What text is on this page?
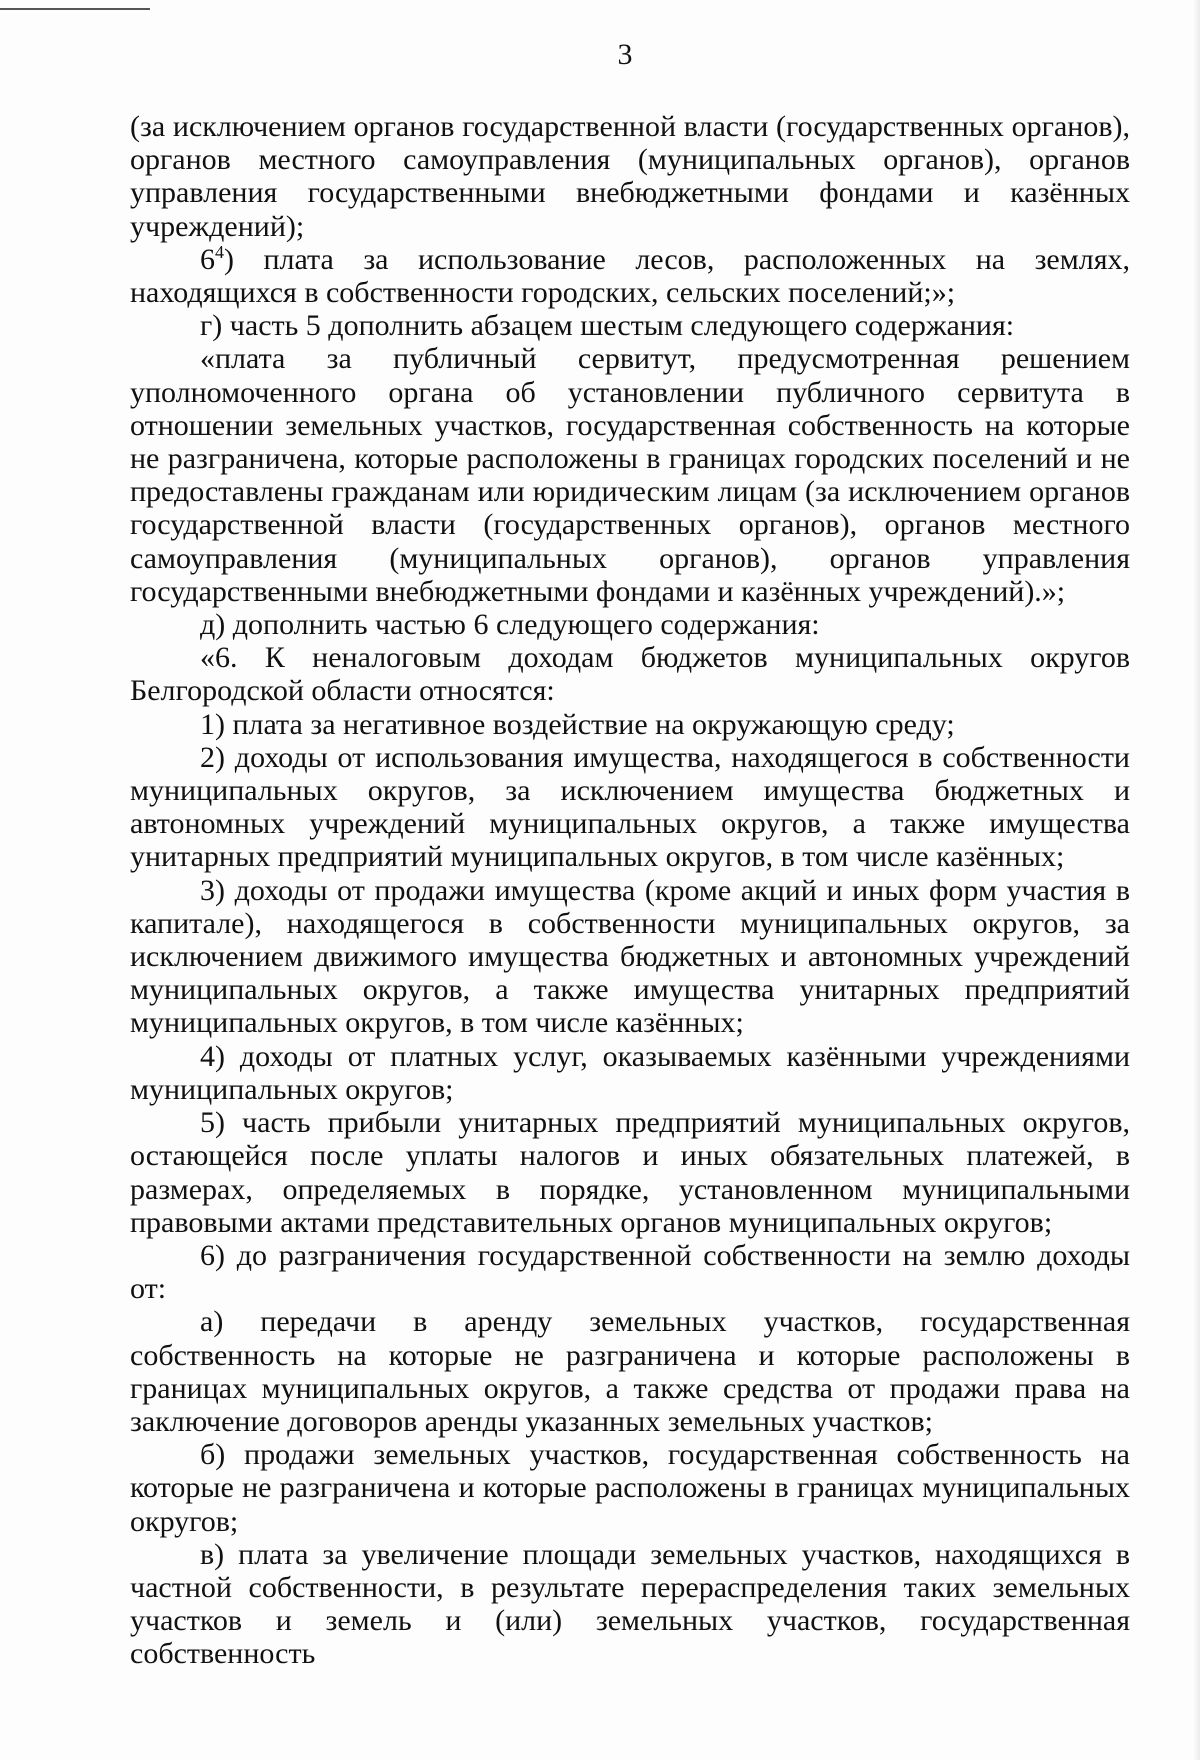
3

(за исключением органов государственной власти (государственных органов), органов местного самоуправления (муниципальных органов), органов управления государственными внебюджетными фондами и казённых учреждений);

$6^4$) плата за использование лесов, расположенных на землях, находящихся в собственности городских, сельских поселений;»;

г) часть 5 дополнить абзацем шестым следующего содержания:

«плата за публичный сервитут, предусмотренная решением уполномоченного органа об установлении публичного сервитута в отношении земельных участков, государственная собственность на которые не разграничена, которые расположены в границах городских поселений и не предоставлены гражданам или юридическим лицам (за исключением органов государственной власти (государственных органов), органов местного самоуправления (муниципальных органов), органов управления государственными внебюджетными фондами и казённых учреждений).»;

д) дополнить частью 6 следующего содержания:

«6. К неналоговым доходам бюджетов муниципальных округов Белгородской области относятся:

1) плата за негативное воздействие на окружающую среду;

2) доходы от использования имущества, находящегося в собственности муниципальных округов, за исключением имущества бюджетных и автономных учреждений муниципальных округов, а также имущества унитарных предприятий муниципальных округов, в том числе казённых;

3) доходы от продажи имущества (кроме акций и иных форм участия в капитале), находящегося в собственности муниципальных округов, за исключением движимого имущества бюджетных и автономных учреждений муниципальных округов, а также имущества унитарных предприятий муниципальных округов, в том числе казённых;

4) доходы от платных услуг, оказываемых казёнными учреждениями муниципальных округов;

5) часть прибыли унитарных предприятий муниципальных округов, остающейся после уплаты налогов и иных обязательных платежей, в размерах, определяемых в порядке, установленном муниципальными правовыми актами представительных органов муниципальных округов;

6) до разграничения государственной собственности на землю доходы от:

а) передачи в аренду земельных участков, государственная собственность на которые не разграничена и которые расположены в границах муниципальных округов, а также средства от продажи права на заключение договоров аренды указанных земельных участков;

б) продажи земельных участков, государственная собственность на которые не разграничена и которые расположены в границах муниципальных округов;

в) плата за увеличение площади земельных участков, находящихся в частной собственности, в результате перераспределения таких земельных участков и земель и (или) земельных участков, государственная собственность
